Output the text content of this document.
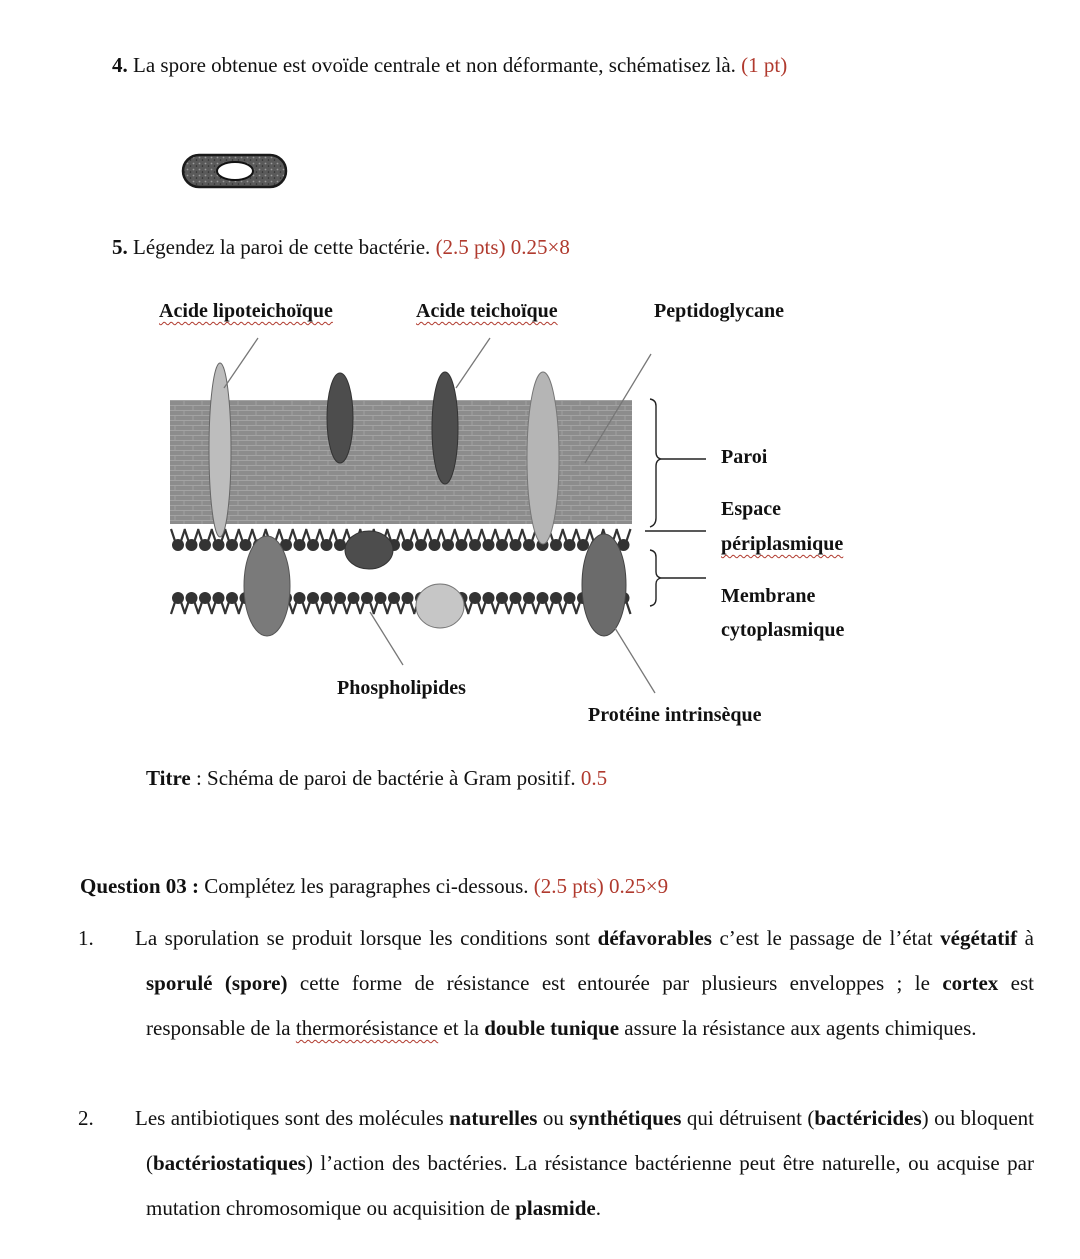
4. La spore obtenue est ovoïde centrale et non déformante, schématisez là. (1 pt)
5. Légendez la paroi de cette bactérie. (2.5 pts) 0.25×8
Acide lipoteichoïque	Acide teichoïque	Peptidoglycane
Paroi
Espace
périplasmique
Membrane
cytoplasmique
Phospholipides
Protéine intrinsèque
Titre : Schéma de paroi de bactérie à Gram positif. 0.5
Question 03 : Complétez les paragraphes ci-dessous. (2.5 pts) 0.25×9
1. La sporulation se produit lorsque les conditions sont défavorables c’est le passage de l’état végétatif à sporulé (spore) cette forme de résistance est entourée par plusieurs enveloppes ; le cortex est responsable de la thermorésistance et la double tunique assure la résistance aux agents chimiques.
2. Les antibiotiques sont des molécules naturelles ou synthétiques qui détruisent (bactéricides) ou bloquent (bactériostatiques) l’action des bactéries. La résistance bactérienne peut être naturelle, ou acquise par mutation chromosomique ou acquisition de plasmide.
